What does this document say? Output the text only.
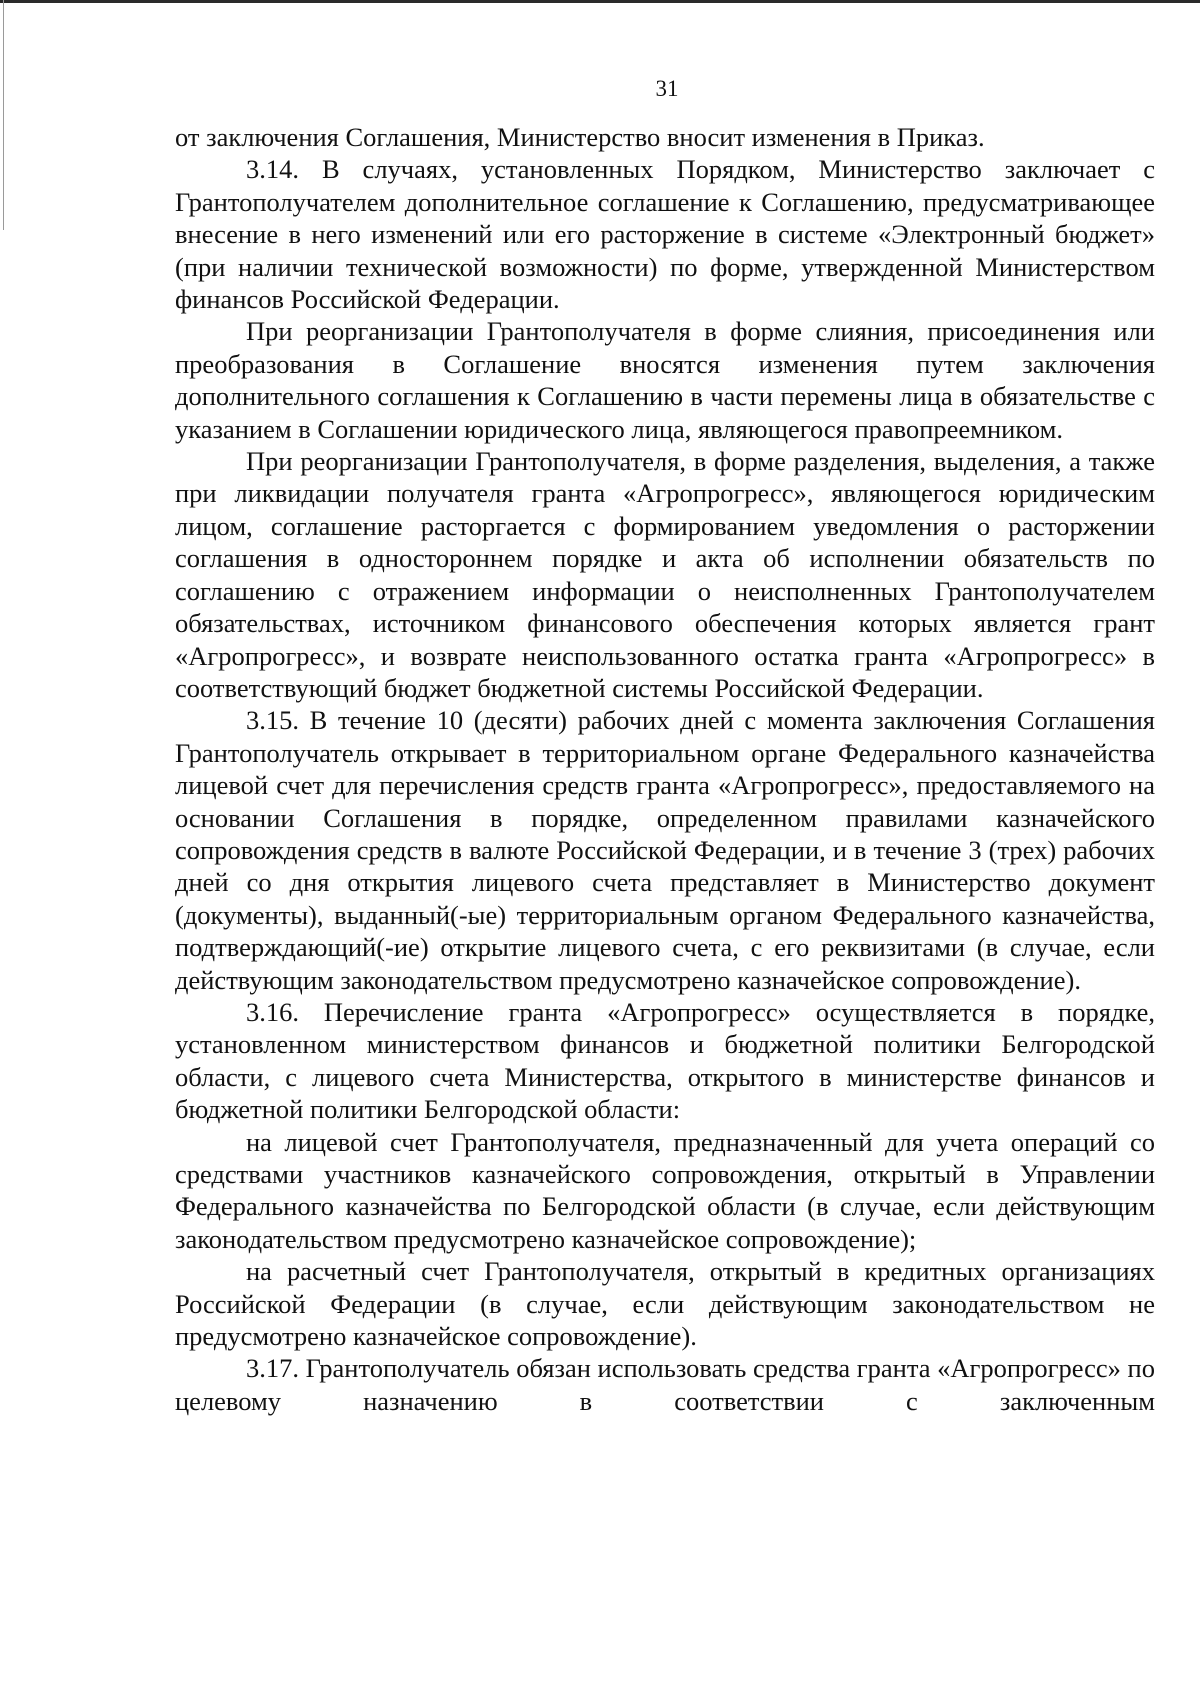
31

от заключения Соглашения, Министерство вносит изменения в Приказ.

3.14. В случаях, установленных Порядком, Министерство заключает с Грантополучателем дополнительное соглашение к Соглашению, предусматривающее внесение в него изменений или его расторжение в системе «Электронный бюджет» (при наличии технической возможности) по форме, утвержденной Министерством финансов Российской Федерации.

При реорганизации Грантополучателя в форме слияния, присоединения или преобразования в Соглашение вносятся изменения путем заключения дополнительного соглашения к Соглашению в части перемены лица в обязательстве с указанием в Соглашении юридического лица, являющегося правопреемником.

При реорганизации Грантополучателя, в форме разделения, выделения, а также при ликвидации получателя гранта «Агропрогресс», являющегося юридическим лицом, соглашение расторгается с формированием уведомления о расторжении соглашения в одностороннем порядке и акта об исполнении обязательств по соглашению с отражением информации о неисполненных Грантополучателем обязательствах, источником финансового обеспечения которых является грант «Агропрогресс», и возврате неиспользованного остатка гранта «Агропрогресс» в соответствующий бюджет бюджетной системы Российской Федерации.

3.15. В течение 10 (десяти) рабочих дней с момента заключения Соглашения Грантополучатель открывает в территориальном органе Федерального казначейства лицевой счет для перечисления средств гранта «Агропрогресс», предоставляемого на основании Соглашения в порядке, определенном правилами казначейского сопровождения средств в валюте Российской Федерации, и в течение 3 (трех) рабочих дней со дня открытия лицевого счета представляет в Министерство документ (документы), выданный(-ые) территориальным органом Федерального казначейства, подтверждающий(-ие) открытие лицевого счета, с его реквизитами (в случае, если действующим законодательством предусмотрено казначейское сопровождение).

3.16. Перечисление гранта «Агропрогресс» осуществляется в порядке, установленном министерством финансов и бюджетной политики Белгородской области, с лицевого счета Министерства, открытого в министерстве финансов и бюджетной политики Белгородской области:

на лицевой счет Грантополучателя, предназначенный для учета операций со средствами участников казначейского сопровождения, открытый в Управлении Федерального казначейства по Белгородской области (в случае, если действующим законодательством предусмотрено казначейское сопровождение);

на расчетный счет Грантополучателя, открытый в кредитных организациях Российской Федерации (в случае, если действующим законодательством не предусмотрено казначейское сопровождение).

3.17. Грантополучатель обязан использовать средства гранта «Агропрогресс» по целевому назначению в соответствии с заключенным
